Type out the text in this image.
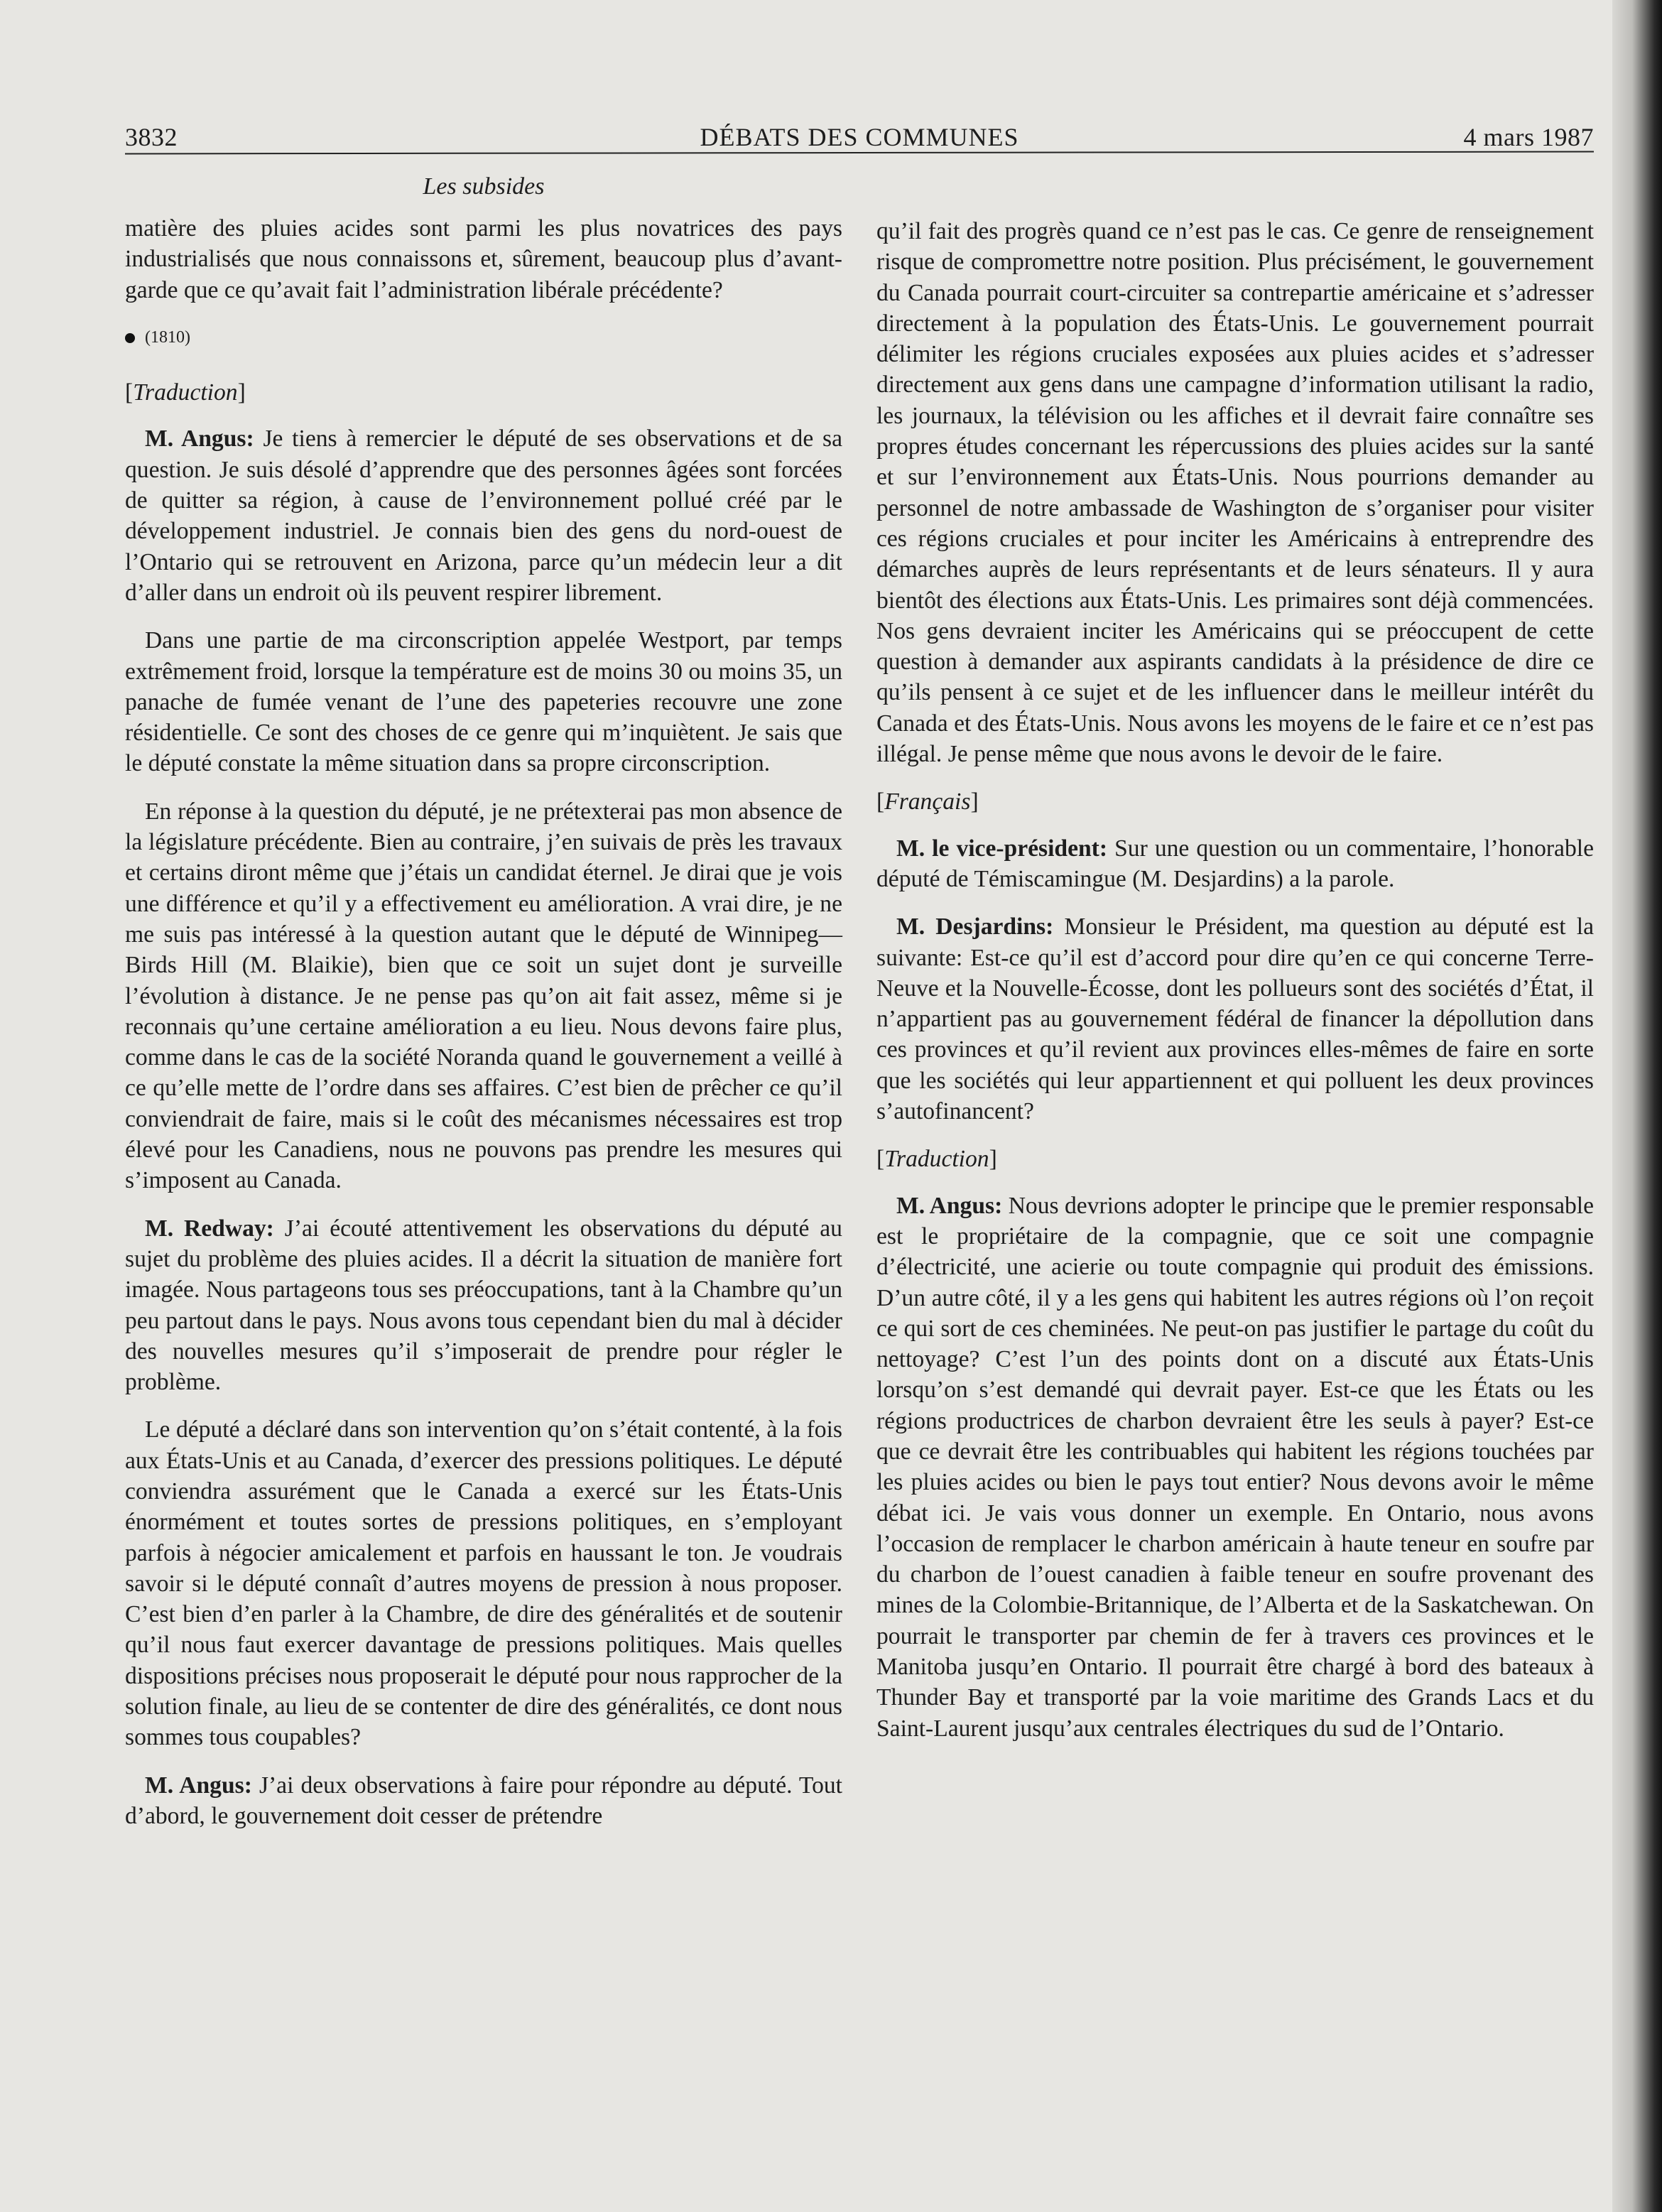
3832	DÉBATS DES COMMUNES	4 mars 1987
Les subsides

matière des pluies acides sont parmi les plus novatrices des pays industrialisés que nous connaissons et, sûrement, beaucoup plus d’avant-garde que ce qu’avait fait l’administration libérale précédente?

(1810)
[Traduction]

M. Angus: Je tiens à remercier le député de ses observations et de sa question. Je suis désolé d’apprendre que des personnes âgées sont forcées de quitter sa région, à cause de l’environnement pollué créé par le développement industriel. Je connais bien des gens du nord-ouest de l’Ontario qui se retrouvent en Arizona, parce qu’un médecin leur a dit d’aller dans un endroit où ils peuvent respirer librement.

Dans une partie de ma circonscription appelée Westport, par temps extrêmement froid, lorsque la température est de moins 30 ou moins 35, un panache de fumée venant de l’une des papeteries recouvre une zone résidentielle. Ce sont des choses de ce genre qui m’inquiètent. Je sais que le député constate la même situation dans sa propre circonscription.

En réponse à la question du député, je ne prétexterai pas mon absence de la législature précédente. Bien au contraire, j’en suivais de près les travaux et certains diront même que j’étais un candidat éternel. Je dirai que je vois une différence et qu’il y a effectivement eu amélioration. A vrai dire, je ne me suis pas intéressé à la question autant que le député de Winnipeg—Birds Hill (M. Blaikie), bien que ce soit un sujet dont je surveille l’évolution à distance. Je ne pense pas qu’on ait fait assez, même si je reconnais qu’une certaine amélioration a eu lieu. Nous devons faire plus, comme dans le cas de la société Noranda quand le gouvernement a veillé à ce qu’elle mette de l’ordre dans ses affaires. C’est bien de prêcher ce qu’il conviendrait de faire, mais si le coût des mécanismes nécessaires est trop élevé pour les Canadiens, nous ne pouvons pas prendre les mesures qui s’imposent au Canada.

M. Redway: J’ai écouté attentivement les observations du député au sujet du problème des pluies acides. Il a décrit la situation de manière fort imagée. Nous partageons tous ses préoccupations, tant à la Chambre qu’un peu partout dans le pays. Nous avons tous cependant bien du mal à décider des nouvelles mesures qu’il s’imposerait de prendre pour régler le problème.

Le député a déclaré dans son intervention qu’on s’était contenté, à la fois aux États-Unis et au Canada, d’exercer des pressions politiques. Le député conviendra assurément que le Canada a exercé sur les États-Unis énormément et toutes sortes de pressions politiques, en s’employant parfois à négocier amicalement et parfois en haussant le ton. Je voudrais savoir si le député connaît d’autres moyens de pression à nous proposer. C’est bien d’en parler à la Chambre, de dire des généralités et de soutenir qu’il nous faut exercer davantage de pressions politiques. Mais quelles dispositions précises nous proposerait le député pour nous rapprocher de la solution finale, au lieu de se contenter de dire des généralités, ce dont nous sommes tous coupables?

M. Angus: J’ai deux observations à faire pour répondre au député. Tout d’abord, le gouvernement doit cesser de prétendre

qu’il fait des progrès quand ce n’est pas le cas. Ce genre de renseignement risque de compromettre notre position. Plus précisément, le gouvernement du Canada pourrait court-circuiter sa contrepartie américaine et s’adresser directement à la population des États-Unis. Le gouvernement pourrait délimiter les régions cruciales exposées aux pluies acides et s’adresser directement aux gens dans une campagne d’information utilisant la radio, les journaux, la télévision ou les affiches et il devrait faire connaître ses propres études concernant les répercussions des pluies acides sur la santé et sur l’environnement aux États-Unis. Nous pourrions demander au personnel de notre ambassade de Washington de s’organiser pour visiter ces régions cruciales et pour inciter les Américains à entreprendre des démarches auprès de leurs représentants et de leurs sénateurs. Il y aura bientôt des élections aux États-Unis. Les primaires sont déjà commencées. Nos gens devraient inciter les Américains qui se préoccupent de cette question à demander aux aspirants candidats à la présidence de dire ce qu’ils pensent à ce sujet et de les influencer dans le meilleur intérêt du Canada et des États-Unis. Nous avons les moyens de le faire et ce n’est pas illégal. Je pense même que nous avons le devoir de le faire.

[Français]

M. le vice-président: Sur une question ou un commentaire, l’honorable député de Témiscamingue (M. Desjardins) a la parole.

M. Desjardins: Monsieur le Président, ma question au député est la suivante: Est-ce qu’il est d’accord pour dire qu’en ce qui concerne Terre-Neuve et la Nouvelle-Écosse, dont les pollueurs sont des sociétés d’État, il n’appartient pas au gouvernement fédéral de financer la dépollution dans ces provinces et qu’il revient aux provinces elles-mêmes de faire en sorte que les sociétés qui leur appartiennent et qui polluent les deux provinces s’autofinancent?

[Traduction]

M. Angus: Nous devrions adopter le principe que le premier responsable est le propriétaire de la compagnie, que ce soit une compagnie d’électricité, une acierie ou toute compagnie qui produit des émissions. D’un autre côté, il y a les gens qui habitent les autres régions où l’on reçoit ce qui sort de ces cheminées. Ne peut-on pas justifier le partage du coût du nettoyage? C’est l’un des points dont on a discuté aux États-Unis lorsqu’on s’est demandé qui devrait payer. Est-ce que les États ou les régions productrices de charbon devraient être les seuls à payer? Est-ce que ce devrait être les contribuables qui habitent les régions touchées par les pluies acides ou bien le pays tout entier? Nous devons avoir le même débat ici. Je vais vous donner un exemple. En Ontario, nous avons l’occasion de remplacer le charbon américain à haute teneur en soufre par du charbon de l’ouest canadien à faible teneur en soufre provenant des mines de la Colombie-Britannique, de l’Alberta et de la Saskatchewan. On pourrait le transporter par chemin de fer à travers ces provinces et le Manitoba jusqu’en Ontario. Il pourrait être chargé à bord des bateaux à Thunder Bay et transporté par la voie maritime des Grands Lacs et du Saint-Laurent jusqu’aux centrales électriques du sud de l’Ontario.
